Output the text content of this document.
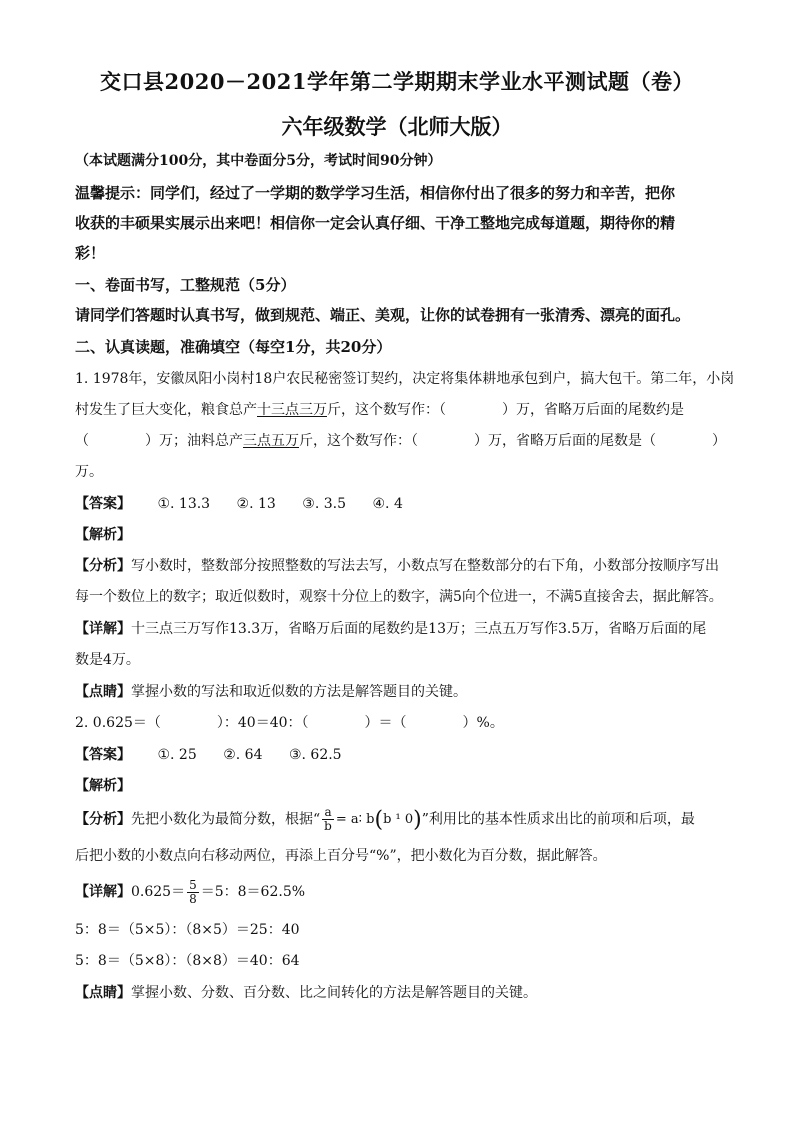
交口县2020－2021学年第二学期期末学业水平测试题（卷）
六年级数学（北师大版）
（本试题满分100分，其中卷面分5分，考试时间90分钟）
温馨提示：同学们，经过了一学期的数学学习生活，相信你付出了很多的努力和辛苦，把你
收获的丰硕果实展示出来吧！相信你一定会认真仔细、干净工整地完成每道题，期待你的精
彩！
一、卷面书写，工整规范（5分）
请同学们答题时认真书写，做到规范、端正、美观，让你的试卷拥有一张清秀、漂亮的面孔。
二、认真读题，准确填空（每空1分，共20分）
1. 1978年，安徽凤阳小岗村18户农民秘密签订契约，决定将集体耕地承包到户，搞大包干。第二年，小岗
村发生了巨大变化，粮食总产十三点三万斤，这个数写作：（　　　　）万，省略万后面的尾数约是
（　　　　）万；油料总产三点五万斤，这个数写作：（　　　　）万，省略万后面的尾数是（　　　　）
万。
【答案】 ①. 13.3 ②. 13 ③. 3.5 ④. 4
【解析】
【分析】写小数时，整数部分按照整数的写法去写，小数点写在整数部分的右下角，小数部分按顺序写出
每一个数位上的数字；取近似数时，观察十分位上的数字，满5向个位进一，不满5直接舍去，据此解答。
【详解】十三点三万写作13.3万，省略万后面的尾数约是13万；三点五万写作3.5万，省略万后面的尾
数是4万。
【点睛】掌握小数的写法和取近似数的方法是解答题目的关键。
2. 0.625＝（　　　　）：40＝40：（　　　　）＝（　　　　）%。
【答案】 ①. 25 ②. 64 ③. 62.5
【解析】
【分析】先把小数化为最简分数，根据“ $\frac{a}{b}$ = a∶ b(b ¹ 0)”利用比的基本性质求出比的前项和后项，最
后把小数的小数点向右移动两位，再添上百分号“%”，把小数化为百分数，据此解答。
【详解】$0.625= \frac{5}{8} =5$：8＝62.5%
5：8＝（5×5）：（8×5）＝25：40
5：8＝（5×8）：（8×8）＝40：64
【点睛】掌握小数、分数、百分数、比之间转化的方法是解答题目的关键。
